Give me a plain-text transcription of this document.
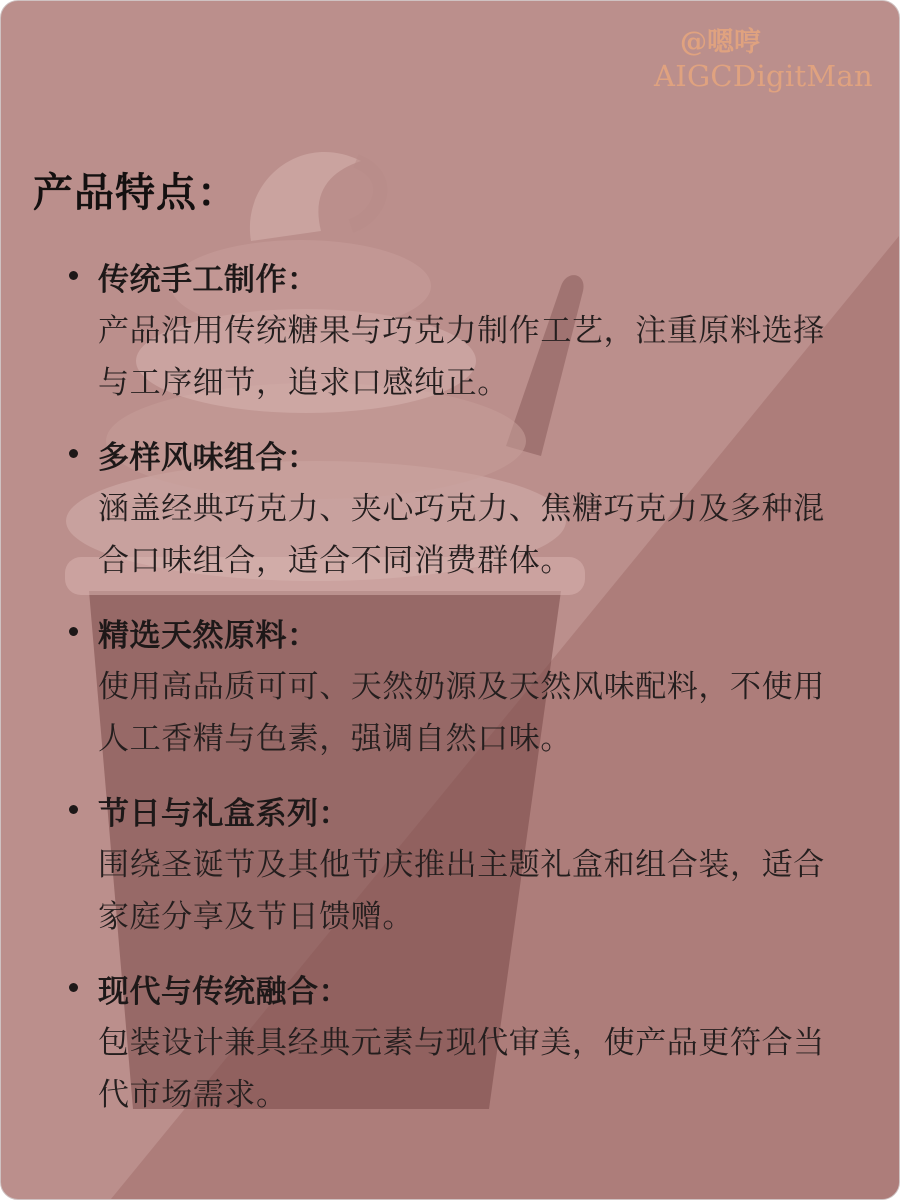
@嗯哼
AIGCDigitMan
产品特点：
传统手工制作：
产品沿用传统糖果与巧克力制作工艺，注重原料选择与工序细节，追求口感纯正。
多样风味组合：
涵盖经典巧克力、夹心巧克力、焦糖巧克力及多种混合口味组合，适合不同消费群体。
精选天然原料：
使用高品质可可、天然奶源及天然风味配料，不使用人工香精与色素，强调自然口味。
节日与礼盒系列：
围绕圣诞节及其他节庆推出主题礼盒和组合装，适合家庭分享及节日馈赠。
现代与传统融合：
包装设计兼具经典元素与现代审美，使产品更符合当代市场需求。
